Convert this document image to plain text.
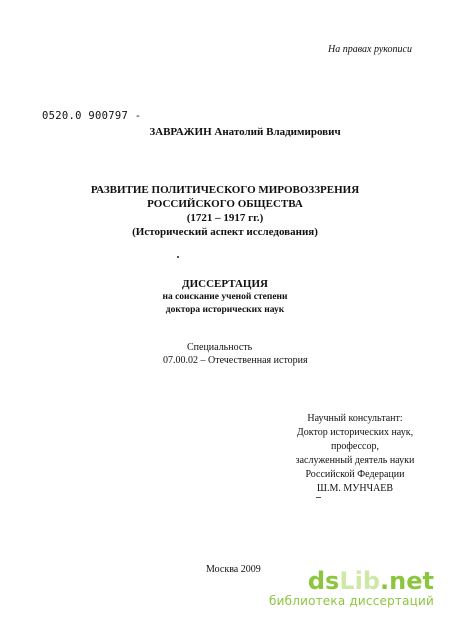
На правах рукописи
0520.0 900797 -
ЗАВРАЖИН Анатолий Владимирович
РАЗВИТИЕ ПОЛИТИЧЕСКОГО МИРОВОЗЗРЕНИЯ
РОССИЙСКОГО ОБЩЕСТВА
(1721 – 1917 гг.)
(Исторический аспект исследования)
ДИССЕРТАЦИЯ
на соискание ученой степени
доктора исторических наук
Специальность
07.00.02 – Отечественная история
Научный консультант:
Доктор исторических наук,
профессор,
заслуженный деятель науки
Российской Федерации
Ш.М. МУНЧАЕВ
Москва 2009	dsLib.net
библиотека диссертаций
